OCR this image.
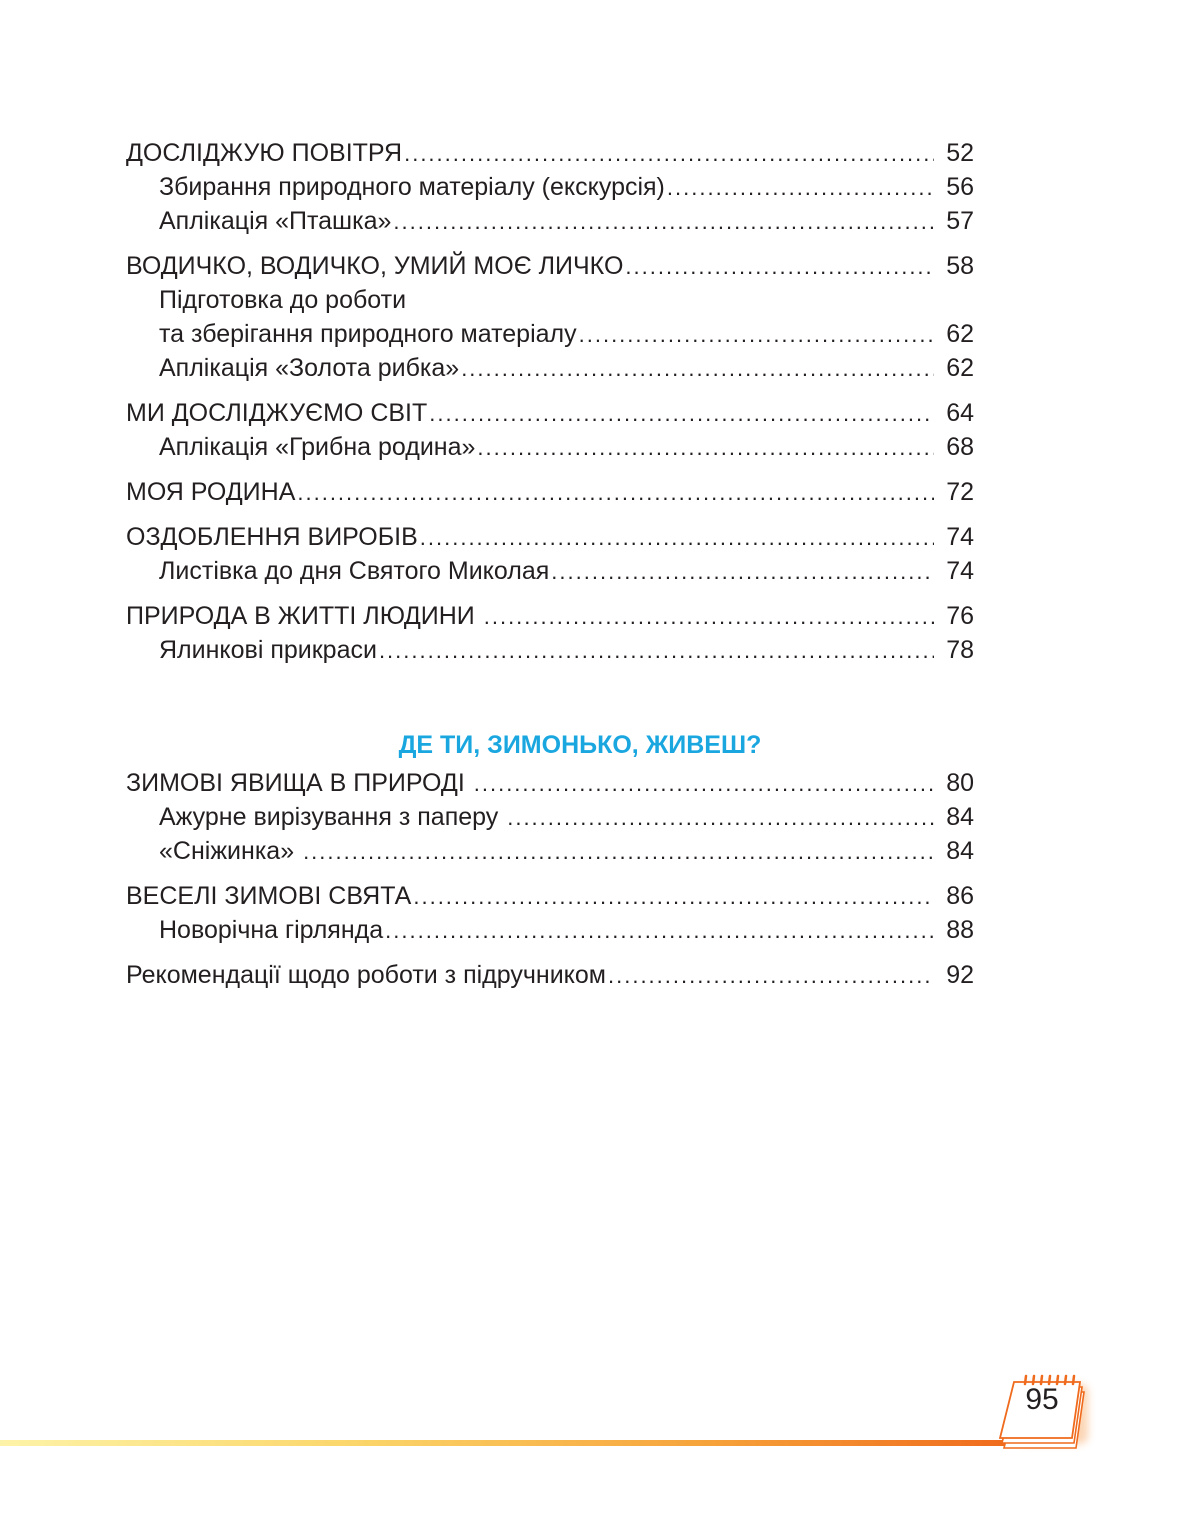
ДОСЛІДЖУЮ ПОВІТРЯ .....	52
Збирання природного матеріалу (екскурсія) .....	56
Аплікація «Пташка» .....	57
ВОДИЧКО, ВОДИЧКО, УМИЙ МОЄ ЛИЧКО .....	58
Підготовка до роботи
та зберігання природного матеріалу .....	62
Аплікація «Золота рибка» .....	62
МИ ДОСЛІДЖУЄМО СВІТ .....	64
Аплікація «Грибна родина» .....	68
МОЯ РОДИНА .....	72
ОЗДОБЛЕННЯ ВИРОБІВ .....	74
Листівка до дня Святого Миколая .....	74
ПРИРОДА В ЖИТТІ ЛЮДИНИ .....	76
Ялинкові прикраси .....	78
ДЕ ТИ, ЗИМОНЬКО, ЖИВЕШ?
ЗИМОВІ ЯВИЩА В ПРИРОДІ .....	80
Ажурне вирізування з паперу .....	84
«Сніжинка» .....	84
ВЕСЕЛІ ЗИМОВІ СВЯТА .....	86
Новорічна гірлянда .....	88
Рекомендації щодо роботи з підручником .....	92
95
